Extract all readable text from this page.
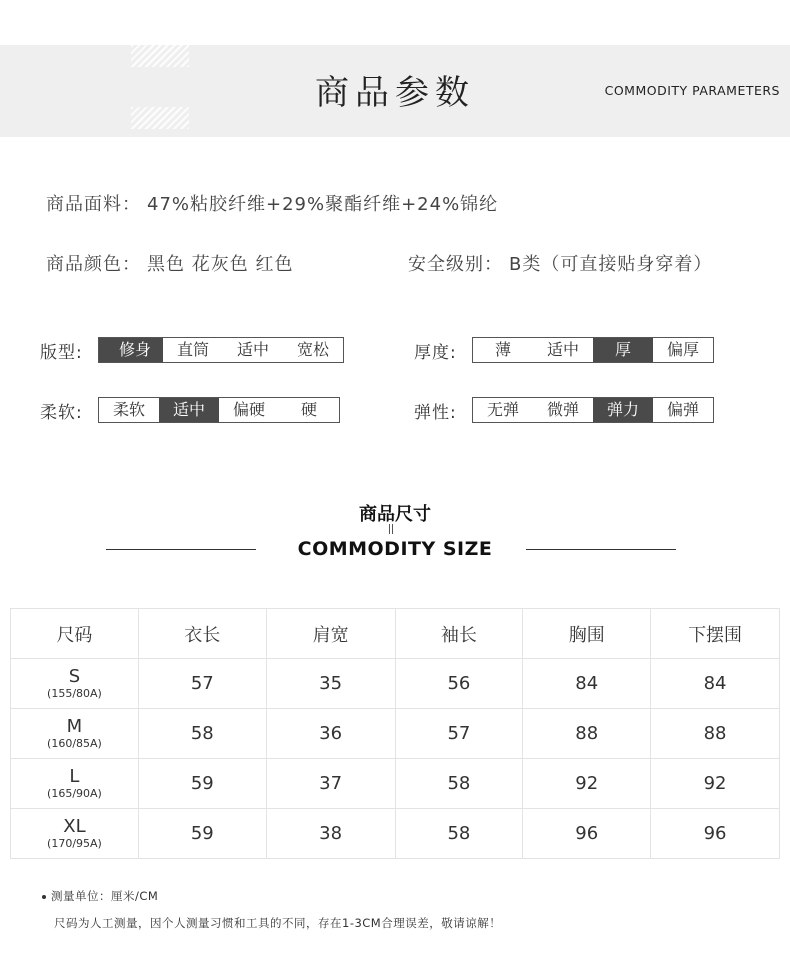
商品参数	COMMODITY PARAMETERS
商品面料： 47%粘胶纤维+29%聚酯纤维+24%锦纶
商品颜色： 黑色 花灰色 红色	安全级别： B类（可直接贴身穿着）
版型:	修身	直筒	适中	宽松	厚度:	薄	适中	厚	偏厚
柔软:	柔软	适中	偏硬	硬	弹性:	无弹	微弹	弹力	偏弹
商品尺寸
COMMODITY SIZE
尺码	衣长	肩宽	袖长	胸围	下摆围

S
(155/80A)	57	35	56	84	84

M
(160/85A)	58	36	57	88	88

L
(165/90A)	59	37	58	92	92

XL
(170/95A)	59	38	58	96	96
测量单位：厘米/CM
尺码为人工测量，因个人测量习惯和工具的不同，存在1-3CM合理误差，敬请谅解！
